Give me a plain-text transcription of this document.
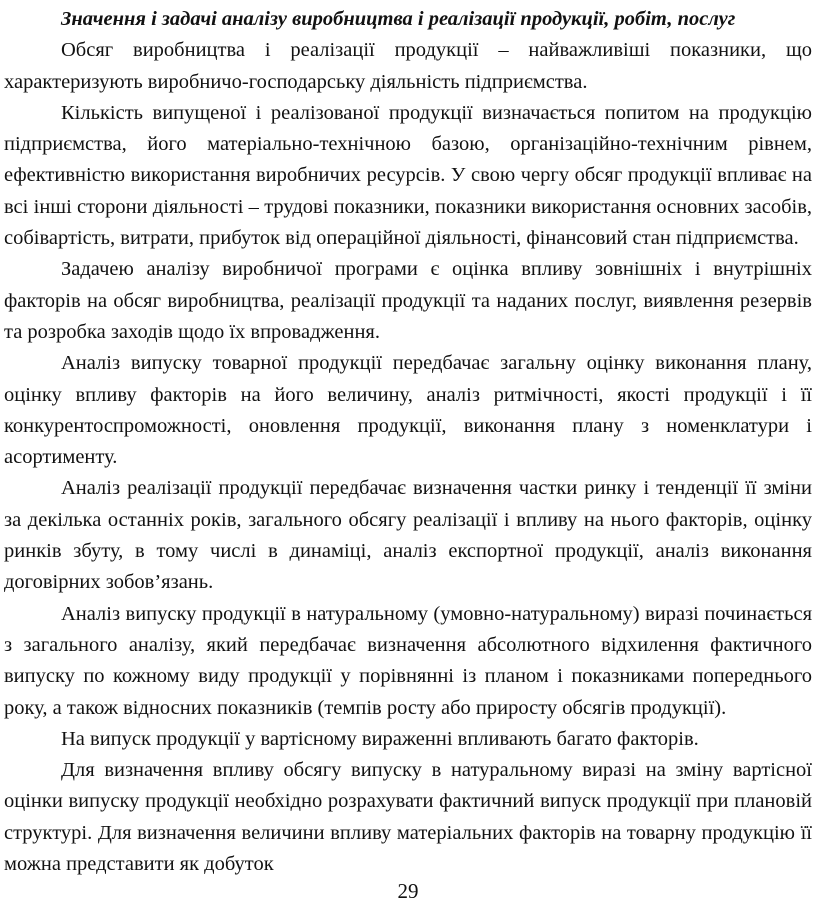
Значення і задачі аналізу виробництва і реалізації продукції, робіт, послуг

Обсяг виробництва і реалізації продукції – найважливіші показники, що характеризують виробничо-господарську діяльність підприємства.

Кількість випущеної і реалізованої продукції визначається попитом на продукцію підприємства, його матеріально-технічною базою, організаційно-технічним рівнем, ефективністю використання виробничих ресурсів. У свою чергу обсяг продукції впливає на всі інші сторони діяльності – трудові показники, показники використання основних засобів, собівартість, витрати, прибуток від операційної діяльності, фінансовий стан підприємства.

Задачею аналізу виробничої програми є оцінка впливу зовнішніх і внутрішніх факторів на обсяг виробництва, реалізації продукції та наданих послуг, виявлення резервів та розробка заходів щодо їх впровадження.

Аналіз випуску товарної продукції передбачає загальну оцінку виконання плану, оцінку впливу факторів на його величину, аналіз ритмічності, якості продукції і її конкурентоспроможності, оновлення продукції, виконання плану з номенклатури і асортименту.

Аналіз реалізації продукції передбачає визначення частки ринку і тенденції її зміни за декілька останніх років, загального обсягу реалізації і впливу на нього факторів, оцінку ринків збуту, в тому числі в динаміці, аналіз експортної продукції, аналіз виконання договірних зобов’язань.

Аналіз випуску продукції в натуральному (умовно-натуральному) виразі починається з загального аналізу, який передбачає визначення абсолютного відхилення фактичного випуску по кожному виду продукції у порівнянні із планом і показниками попереднього року, а також відносних показників (темпів росту або приросту обсягів продукції).

На випуск продукції у вартісному вираженні впливають багато факторів.

Для визначення впливу обсягу випуску в натуральному виразі на зміну вартісної оцінки випуску продукції необхідно розрахувати фактичний випуск продукції при плановій структурі. Для визначення величини впливу матеріальних факторів на товарну продукцію її можна представити як добуток

29
